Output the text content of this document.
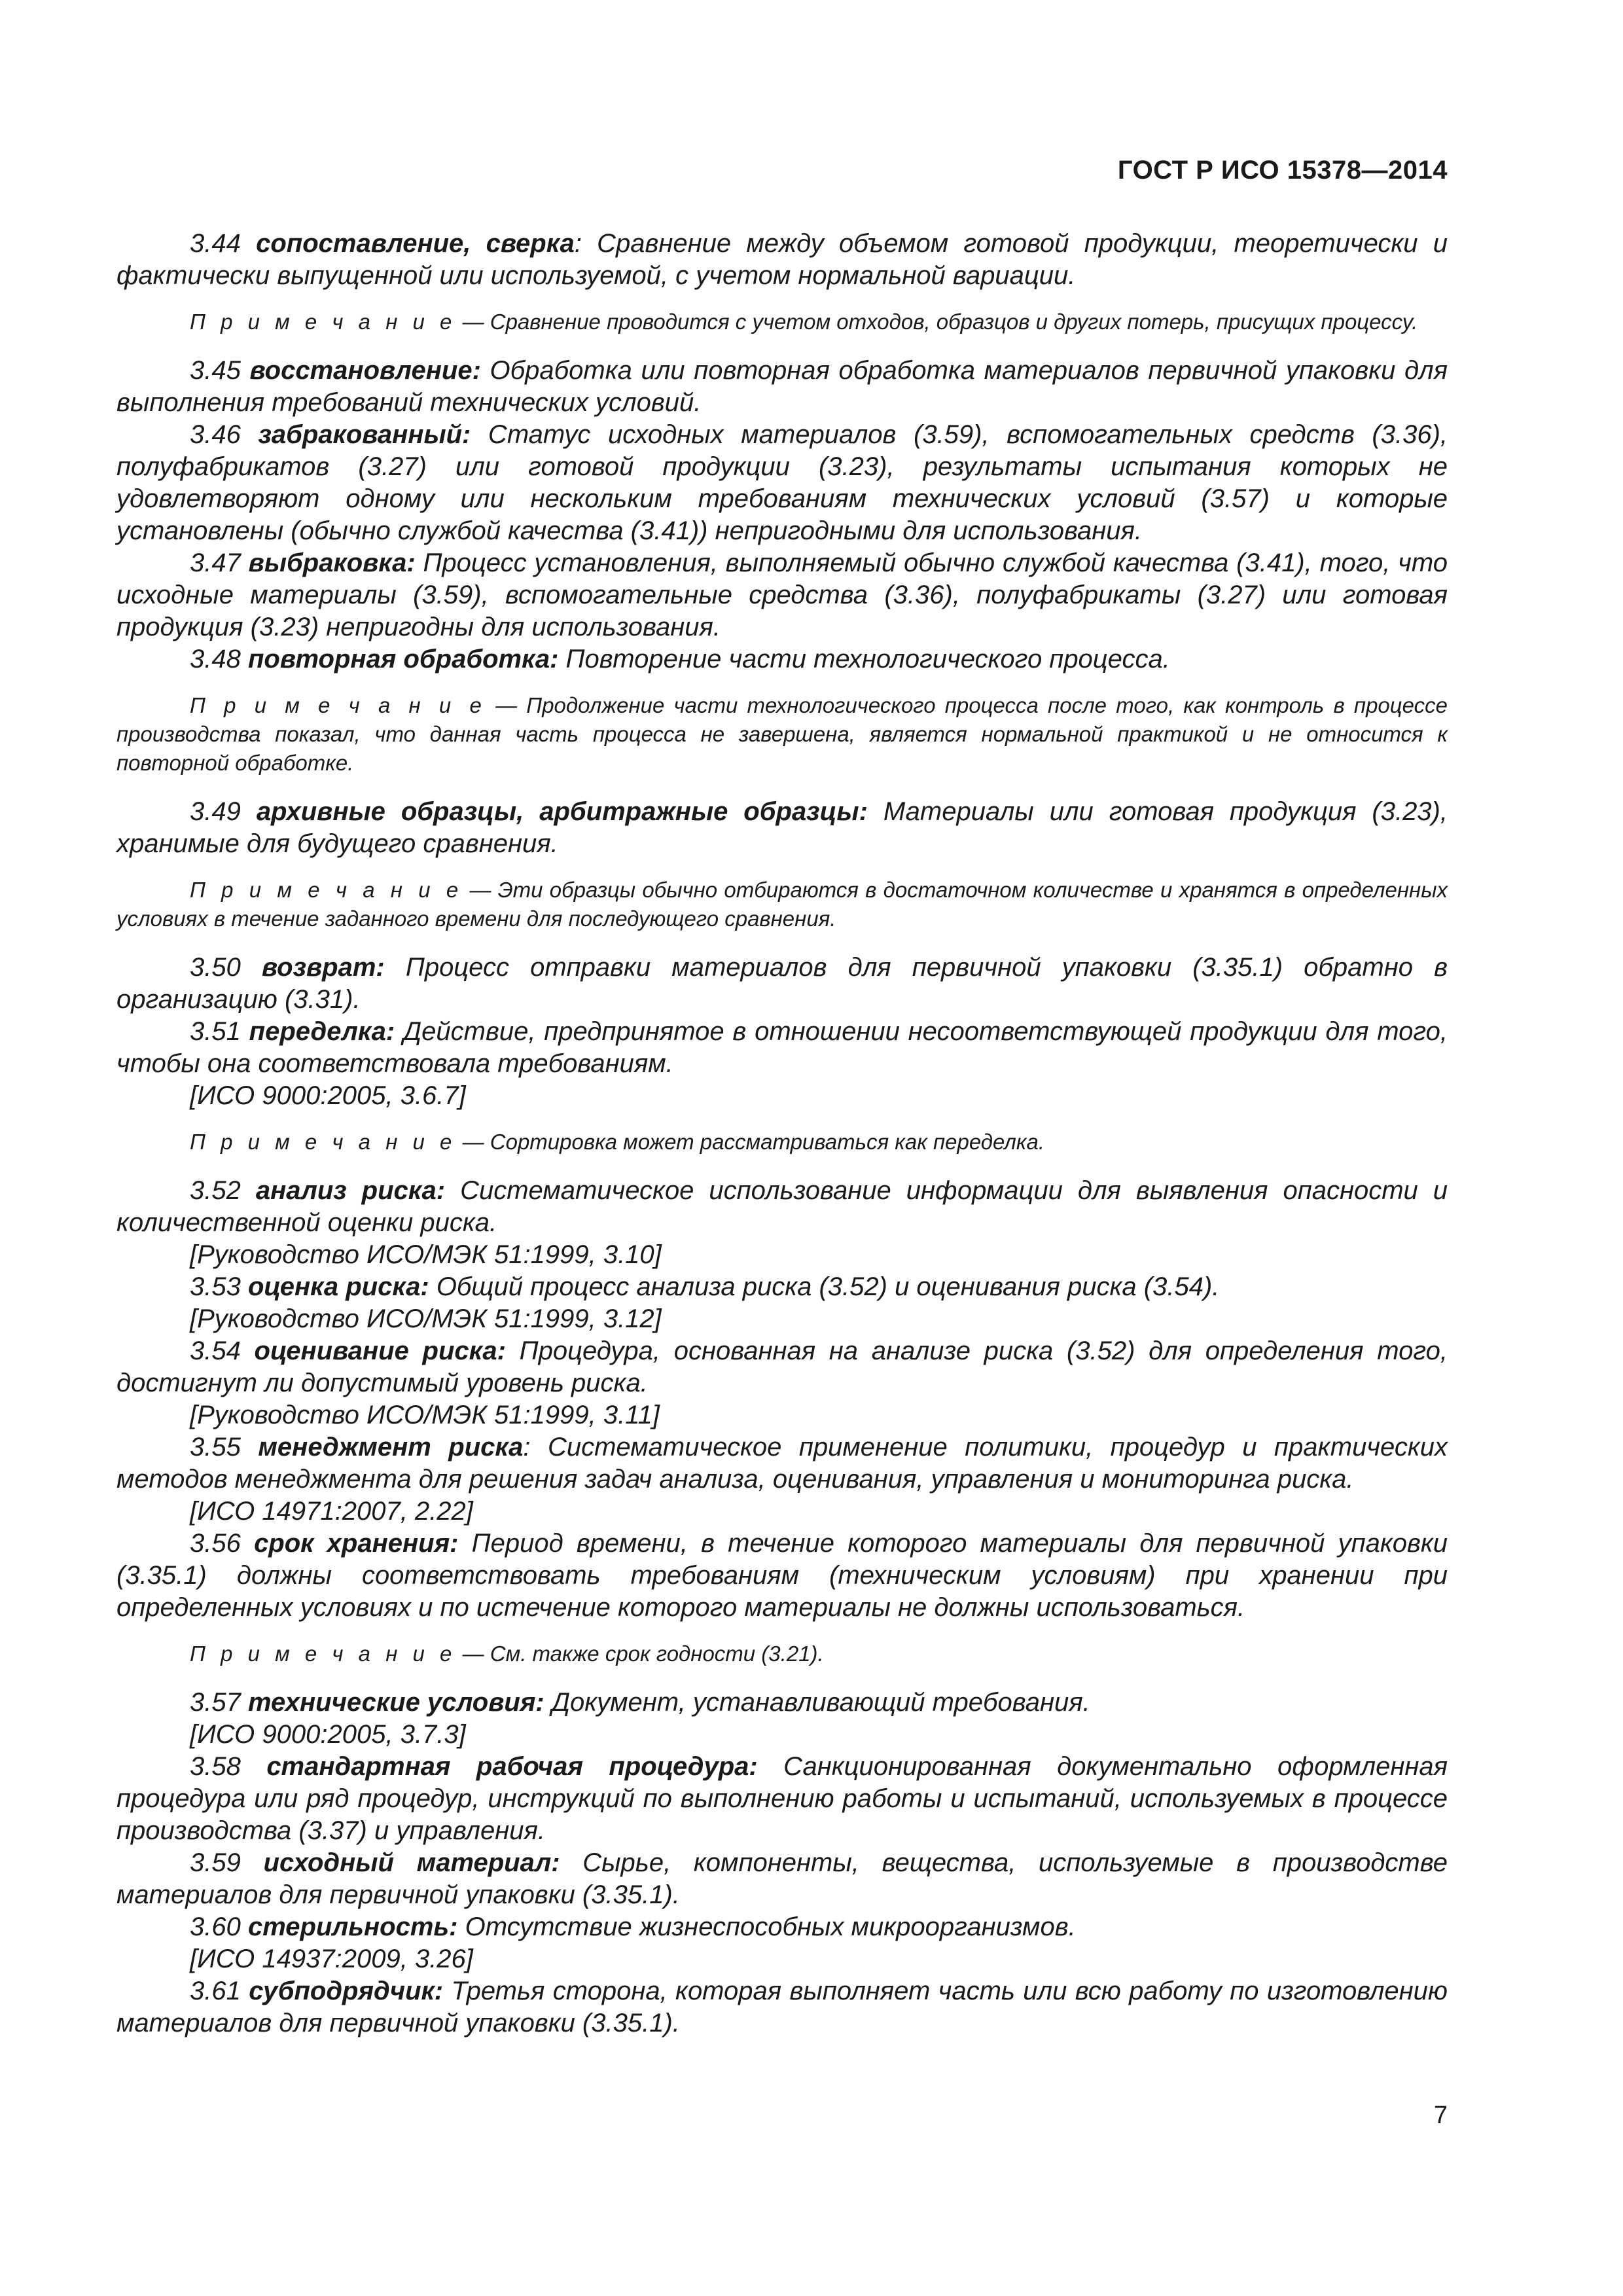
ГОСТ Р ИСО 15378—2014

3.44 сопоставление, сверка: Сравнение между объемом готовой продукции, теоретически и фактически выпущенной или используемой, с учетом нормальной вариации.

П р и м е ч а н и е — Сравнение проводится с учетом отходов, образцов и других потерь, присущих процессу.

3.45 восстановление: Обработка или повторная обработка материалов первичной упаковки для выполнения требований технических условий.

3.46 забракованный: Статус исходных материалов (3.59), вспомогательных средств (3.36), полуфабрикатов (3.27) или готовой продукции (3.23), результаты испытания которых не удовлетворяют одному или нескольким требованиям технических условий (3.57) и которые установлены (обычно службой качества (3.41)) непригодными для использования.

3.47 выбраковка: Процесс установления, выполняемый обычно службой качества (3.41), того, что исходные материалы (3.59), вспомогательные средства (3.36), полуфабрикаты (3.27) или готовая продукция (3.23) непригодны для использования.

3.48 повторная обработка: Повторение части технологического процесса.

П р и м е ч а н и е — Продолжение части технологического процесса после того, как контроль в процессе производства показал, что данная часть процесса не завершена, является нормальной практикой и не относится к повторной обработке.

3.49 архивные образцы, арбитражные образцы: Материалы или готовая продукция (3.23), хранимые для будущего сравнения.

П р и м е ч а н и е — Эти образцы обычно отбираются в достаточном количестве и хранятся в определенных условиях в течение заданного времени для последующего сравнения.

3.50 возврат: Процесс отправки материалов для первичной упаковки (3.35.1) обратно в организацию (3.31).

3.51 переделка: Действие, предпринятое в отношении несоответствующей продукции для того, чтобы она соответствовала требованиям.

[ИСО 9000:2005, 3.6.7]

П р и м е ч а н и е — Сортировка может рассматриваться как переделка.

3.52 анализ риска: Систематическое использование информации для выявления опасности и количественной оценки риска.

[Руководство ИСО/МЭК 51:1999, 3.10]

3.53 оценка риска: Общий процесс анализа риска (3.52) и оценивания риска (3.54).

[Руководство ИСО/МЭК 51:1999, 3.12]

3.54 оценивание риска: Процедура, основанная на анализе риска (3.52) для определения того, достигнут ли допустимый уровень риска.

[Руководство ИСО/МЭК 51:1999, 3.11]

3.55 менеджмент риска: Систематическое применение политики, процедур и практических методов менеджмента для решения задач анализа, оценивания, управления и мониторинга риска.

[ИСО 14971:2007, 2.22]

3.56 срок хранения: Период времени, в течение которого материалы для первичной упаковки (3.35.1) должны соответствовать требованиям (техническим условиям) при хранении при определенных условиях и по истечение которого материалы не должны использоваться.

П р и м е ч а н и е — См. также срок годности (3.21).

3.57 технические условия: Документ, устанавливающий требования.

[ИСО 9000:2005, 3.7.3]

3.58 стандартная рабочая процедура: Санкционированная документально оформленная процедура или ряд процедур, инструкций по выполнению работы и испытаний, используемых в процессе производства (3.37) и управления.

3.59 исходный материал: Сырье, компоненты, вещества, используемые в производстве материалов для первичной упаковки (3.35.1).

3.60 стерильность: Отсутствие жизнеспособных микроорганизмов.

[ИСО 14937:2009, 3.26]

3.61 субподрядчик: Третья сторона, которая выполняет часть или всю работу по изготовлению материалов для первичной упаковки (3.35.1).

7
